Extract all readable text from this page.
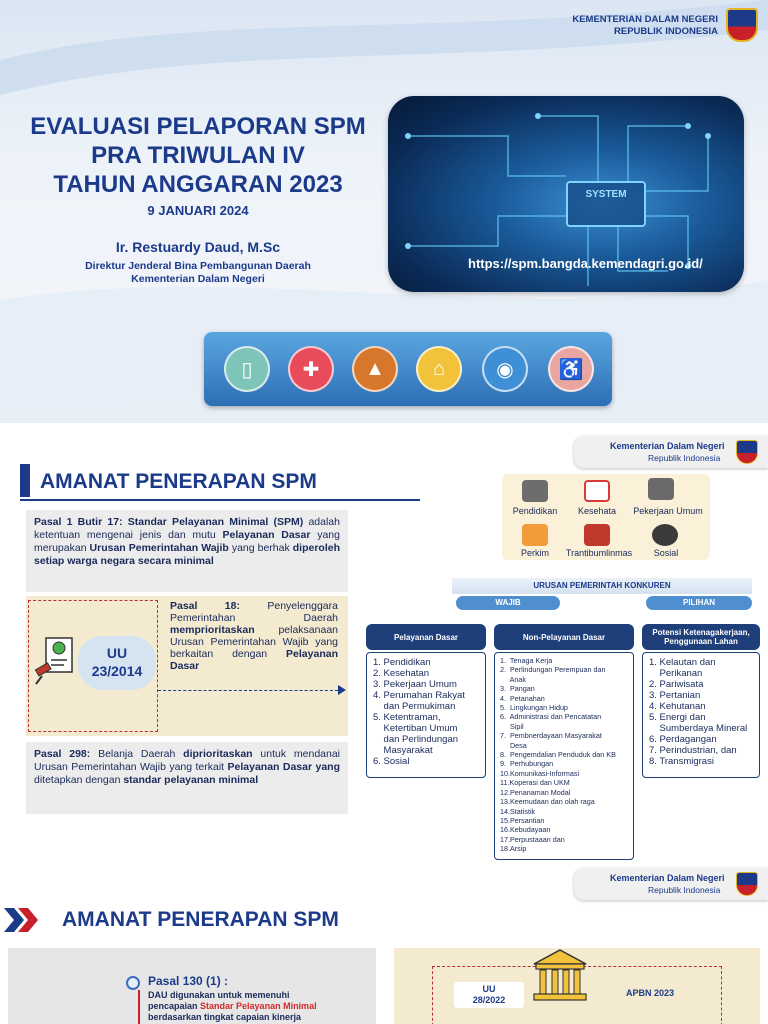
KEMENTERIAN DALAM NEGERI
REPUBLIK INDONESIA
EVALUASI PELAPORAN SPM
PRA TRIWULAN IV
TAHUN ANGGARAN 2023
9 JANUARI 2024
Ir. Restuardy Daud, M.Sc
Direktur Jenderal Bina Pembangunan Daerah
Kementerian Dalam Negeri
SYSTEM
https://spm.bangda.kemendagri.go.id/
▯	✚	▲	⌂	◉	♿
Kementerian Dalam Negeri
Republik Indonesia
AMANAT PENERAPAN SPM
Pasal 1 Butir 17: Standar Pelayanan Minimal (SPM) adalah ketentuan mengenai jenis dan mutu Pelayanan Dasar yang merupakan Urusan Pemerintahan Wajib yang berhak diperoleh setiap warga negara secara minimal
UU
23/2014
Pasal 18: Penyelenggara Pemerintahan Daerah memprioritaskan pelaksanaan Urusan Pemerintahan Wajib yang berkaitan dengan Pelayanan Dasar
Pasal 298: Belanja Daerah diprioritaskan untuk mendanai Urusan Pemerintahan Wajib yang terkait Pelayanan Dasar yang ditetapkan dengan standar pelayanan minimal
Pendidikan	Kesehata	Pekerjaan Umum
Perkim	Trantibumlinmas	Sosial
URUSAN PEMERINTAH KONKUREN
WAJIB	PILIHAN
Pelayanan Dasar	Non-Pelayanan Dasar	Potensi Ketenagakerjaan, Penggunaan Lahan
1. Pendidikan
2. Kesehatan
3. Pekerjaan Umum
4. Perumahan Rakyat
dan Permukiman
5. Ketentraman,
Ketertiban Umum
dan Perlindungan
Masyarakat
6. Sosial
1.  Tenaga Kerja
2.  Perlindungan Perempuan dan
Anak
3.  Pangan
4.  Petanahan
5.  Lingkungan Hidup
6.  Administrasi dan Pencatatan
Sipil
7.  Pembnerdayaan Masyarakat
Desa
8.  Pengemdalian Penduduk dan KB
9.  Perhubungan
10.Komunikasi-Informasi
11.Koperasi dan UKM
12.Penanaman Modal
13.Keemudaan dan olah raga
14.Statistik
15.Persantian
16.Kebudayaan
17.Perpustaaan dan
18.Arsip
1. Kelautan dan
Perikanan
2. Pariwisata
3. Pertanian
4. Kehutanan
5. Energi dan
Sumberdaya Mineral
6. Perdagangan
7. Perindustrian, dan
8. Transmigrasi
Kementerian Dalam Negeri
Republik Indonesia
AMANAT PENERAPAN SPM
Pasal 130 (1) :
DAU digunakan untuk memenuhi
pencapaian Standar Pelayanan Minimal
berdasarkan tingkat capaian kinerja
UU
28/2022
APBN 2023
